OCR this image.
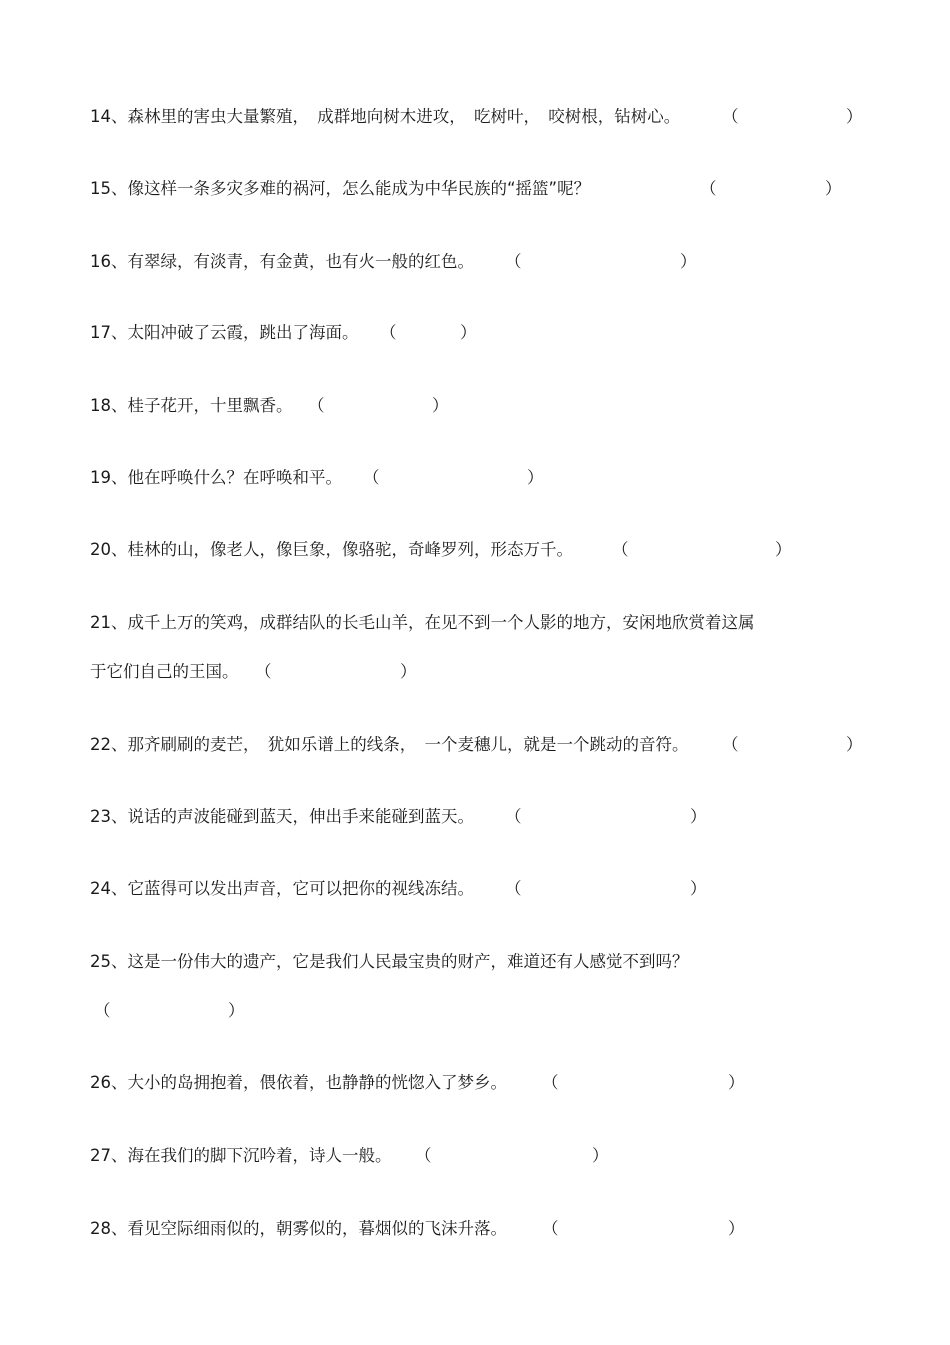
14、森林里的害虫大量繁殖，　成群地向树木进攻，　吃树叶，　咬树根，钻树心。	（	）
15、像这样一条多灾多难的祸河，怎么能成为中华民族的“摇篮”呢？	（	）
16、有翠绿，有淡青，有金黄，也有火一般的红色。 （	）
17、太阳冲破了云霞，跳出了海面。 （	）
18、桂子花开，十里飘香。 （	）
19、他在呼唤什么？在呼唤和平。 （	）
20、桂林的山，像老人，像巨象，像骆驼，奇峰罗列，形态万千。 （	）
21、成千上万的笑鸡，成群结队的长毛山羊，在见不到一个人影的地方，安闲地欣赏着这属
于它们自己的王国。 （	）
22、那齐刷刷的麦芒，　犹如乐谱上的线条，　一个麦穗儿，就是一个跳动的音符。 （	）
23、说话的声波能碰到蓝天，伸出手来能碰到蓝天。 （	）
24、它蓝得可以发出声音，它可以把你的视线冻结。 （	）
25、这是一份伟大的遗产，它是我们人民最宝贵的财产，难道还有人感觉不到吗？
（	）
26、大小的岛拥抱着，偎依着，也静静的恍惚入了梦乡。 （	）
27、海在我们的脚下沉吟着，诗人一般。 （	）
28、看见空际细雨似的，朝雾似的，暮烟似的飞沫升落。 （	）
